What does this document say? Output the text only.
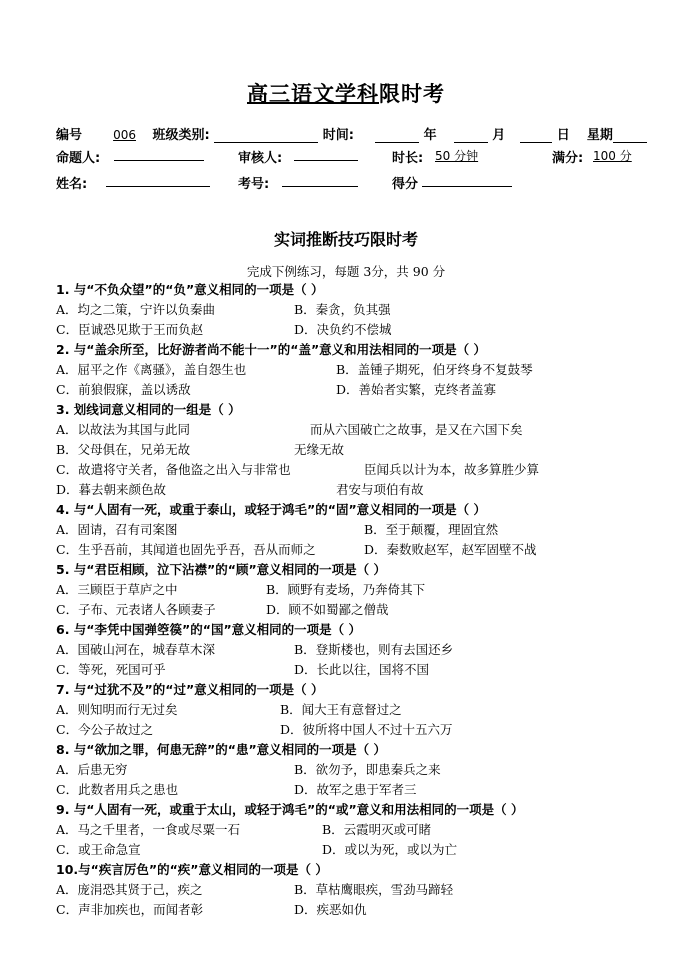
高三语文学科限时考
编号	006 班级类别:	时间:	年	月	日 星期
命题人:	审核人:	时长: 50 分钟	满分: 100 分
姓名:	考号:	得分
实词推断技巧限时考
完成下例练习，每题 3分，共 90 分
1. 与“不负众望”的“负”意义相同的一项是（ ）
A．均之二策，宁许以负秦曲	B．秦贪，负其强
C．臣诚恐见欺于王而负赵	D．决负约不偿城
2. 与“盖余所至，比好游者尚不能十一”的“盖”意义和用法相同的一项是（ ）
A．屈平之作《离骚》，盖自怨生也	B．盖锺子期死，伯牙终身不复鼓琴
C．前狼假寐，盖以诱敌	D．善始者实繁，克终者盖寡
3. 划线词意义相同的一组是（ ）
A．以故法为其国与此同	而从六国破亡之故事，是又在六国下矣
B．父母俱在，兄弟无故	无缘无故
C．故遣将守关者，备他盗之出入与非常也	臣闻兵以计为本，故多算胜少算
D．暮去朝来颜色故	君安与项伯有故
4. 与“人固有一死，或重于泰山，或轻于鸿毛”的“固”意义相同的一项是（ ）
A．固请，召有司案图	B．至于颠覆，理固宜然
C．生乎吾前，其闻道也固先乎吾，吾从而师之	D．秦数败赵军，赵军固壁不战
5. 与“君臣相顾，泣下沾襟”的“顾”意义相同的一项是（ ）
A．三顾臣于草庐之中	B．顾野有麦场，乃奔倚其下
C．子布、元表诸人各顾妻子	D．顾不如蜀鄙之僧哉
6. 与“李凭中国弹箜篌”的“国”意义相同的一项是（ ）
A．国破山河在，城春草木深	B．登斯楼也，则有去国还乡
C．等死，死国可乎	D．长此以往，国将不国
7. 与“过犹不及”的“过”意义相同的一项是（ ）
A．则知明而行无过矣	B．闻大王有意督过之
C．今公子故过之	D．彼所将中国人不过十五六万
8. 与“欲加之罪，何患无辞”的“患”意义相同的一项是（ ）
A．后患无穷	B．欲勿予，即患秦兵之来
C．此数者用兵之患也	D．故军之患于军者三
9. 与“人固有一死，或重于太山，或轻于鸿毛”的“或”意义和用法相同的一项是（ ）
A．马之千里者，一食或尽粟一石	B．云霞明灭或可睹
C．或王命急宣	D．或以为死，或以为亡
10.与“疾言厉色”的“疾”意义相同的一项是（ ）
A．庞涓恐其贤于己，疾之	B．草枯鹰眼疾，雪劲马蹄轻
C．声非加疾也，而闻者彰	D．疾恶如仇
